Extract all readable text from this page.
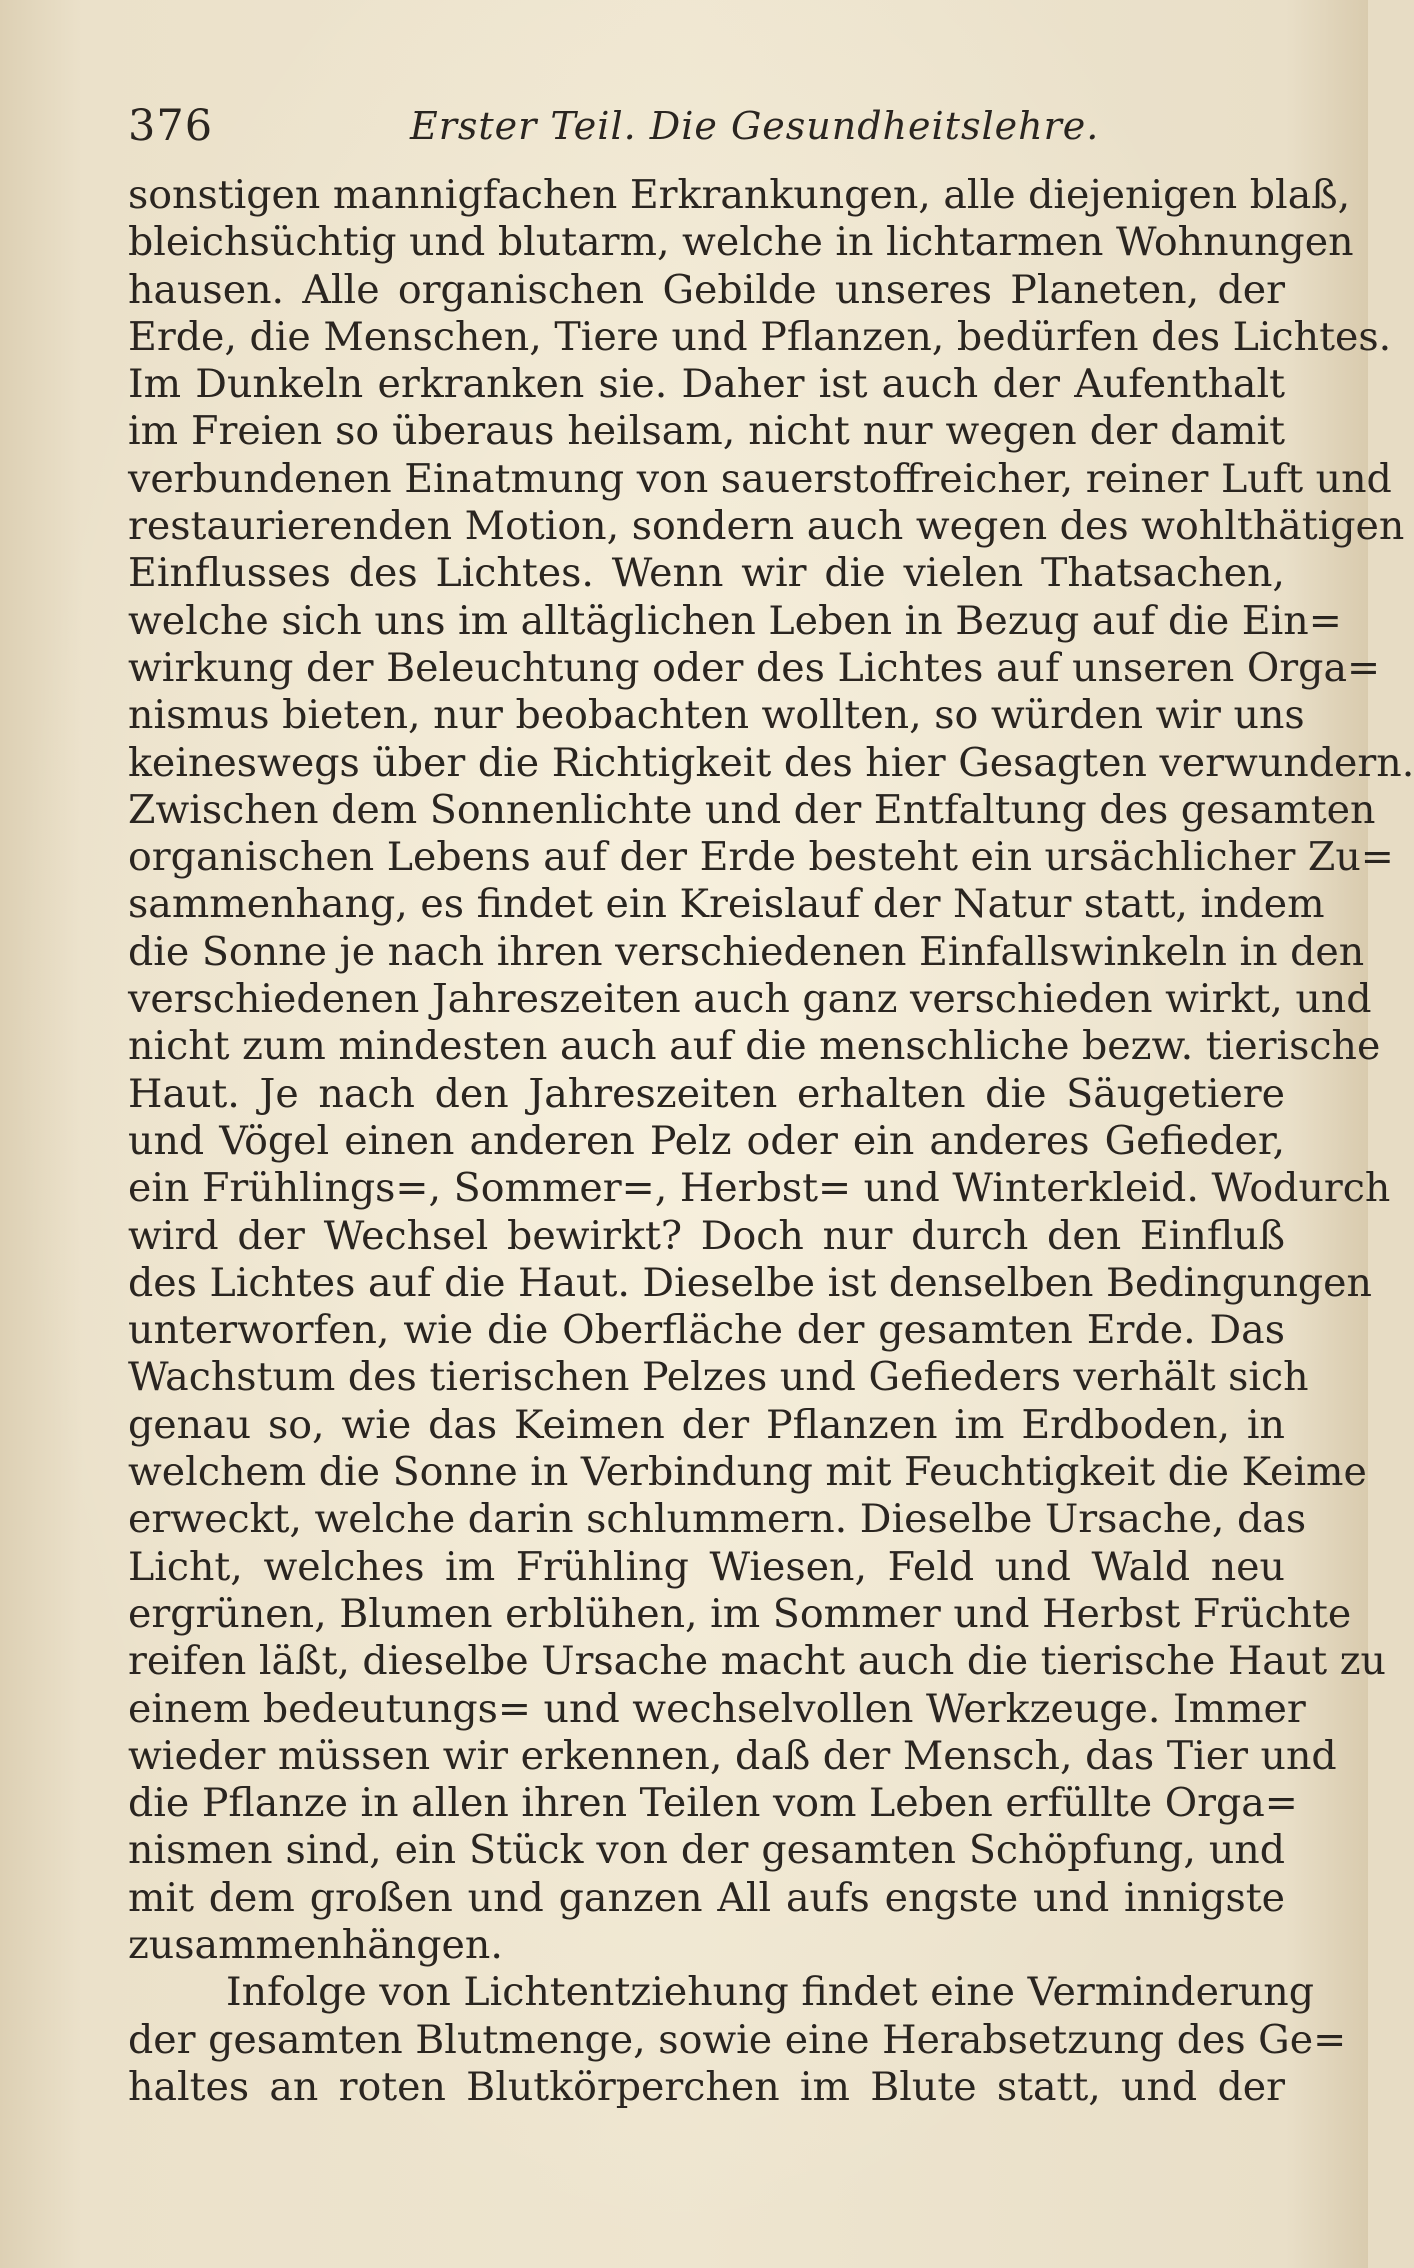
376	Erster Teil. Die Gesundheitslehre.
sonstigen mannigfachen Erkrankungen, alle diejenigen blaß,
bleichsüchtig und blutarm, welche in lichtarmen Wohnungen
hausen. Alle organischen Gebilde unseres Planeten, der
Erde, die Menschen, Tiere und Pflanzen, bedürfen des Lichtes.
Im Dunkeln erkranken sie. Daher ist auch der Aufenthalt
im Freien so überaus heilsam, nicht nur wegen der damit
verbundenen Einatmung von sauerstoffreicher, reiner Luft und
restaurierenden Motion, sondern auch wegen des wohlthätigen
Einflusses des Lichtes. Wenn wir die vielen Thatsachen,
welche sich uns im alltäglichen Leben in Bezug auf die Ein=
wirkung der Beleuchtung oder des Lichtes auf unseren Orga=
nismus bieten, nur beobachten wollten, so würden wir uns
keineswegs über die Richtigkeit des hier Gesagten verwundern.
Zwischen dem Sonnenlichte und der Entfaltung des gesamten
organischen Lebens auf der Erde besteht ein ursächlicher Zu=
sammenhang, es findet ein Kreislauf der Natur statt, indem
die Sonne je nach ihren verschiedenen Einfallswinkeln in den
verschiedenen Jahreszeiten auch ganz verschieden wirkt, und
nicht zum mindesten auch auf die menschliche bezw. tierische
Haut. Je nach den Jahreszeiten erhalten die Säugetiere
und Vögel einen anderen Pelz oder ein anderes Gefieder,
ein Frühlings=, Sommer=, Herbst= und Winterkleid. Wodurch
wird der Wechsel bewirkt? Doch nur durch den Einfluß
des Lichtes auf die Haut. Dieselbe ist denselben Bedingungen
unterworfen, wie die Oberfläche der gesamten Erde. Das
Wachstum des tierischen Pelzes und Gefieders verhält sich
genau so, wie das Keimen der Pflanzen im Erdboden, in
welchem die Sonne in Verbindung mit Feuchtigkeit die Keime
erweckt, welche darin schlummern. Dieselbe Ursache, das
Licht, welches im Frühling Wiesen, Feld und Wald neu
ergrünen, Blumen erblühen, im Sommer und Herbst Früchte
reifen läßt, dieselbe Ursache macht auch die tierische Haut zu
einem bedeutungs= und wechselvollen Werkzeuge. Immer
wieder müssen wir erkennen, daß der Mensch, das Tier und
die Pflanze in allen ihren Teilen vom Leben erfüllte Orga=
nismen sind, ein Stück von der gesamten Schöpfung, und
mit dem großen und ganzen All aufs engste und innigste
zusammenhängen.
Infolge von Lichtentziehung findet eine Verminderung
der gesamten Blutmenge, sowie eine Herabsetzung des Ge=
haltes an roten Blutkörperchen im Blute statt, und der
